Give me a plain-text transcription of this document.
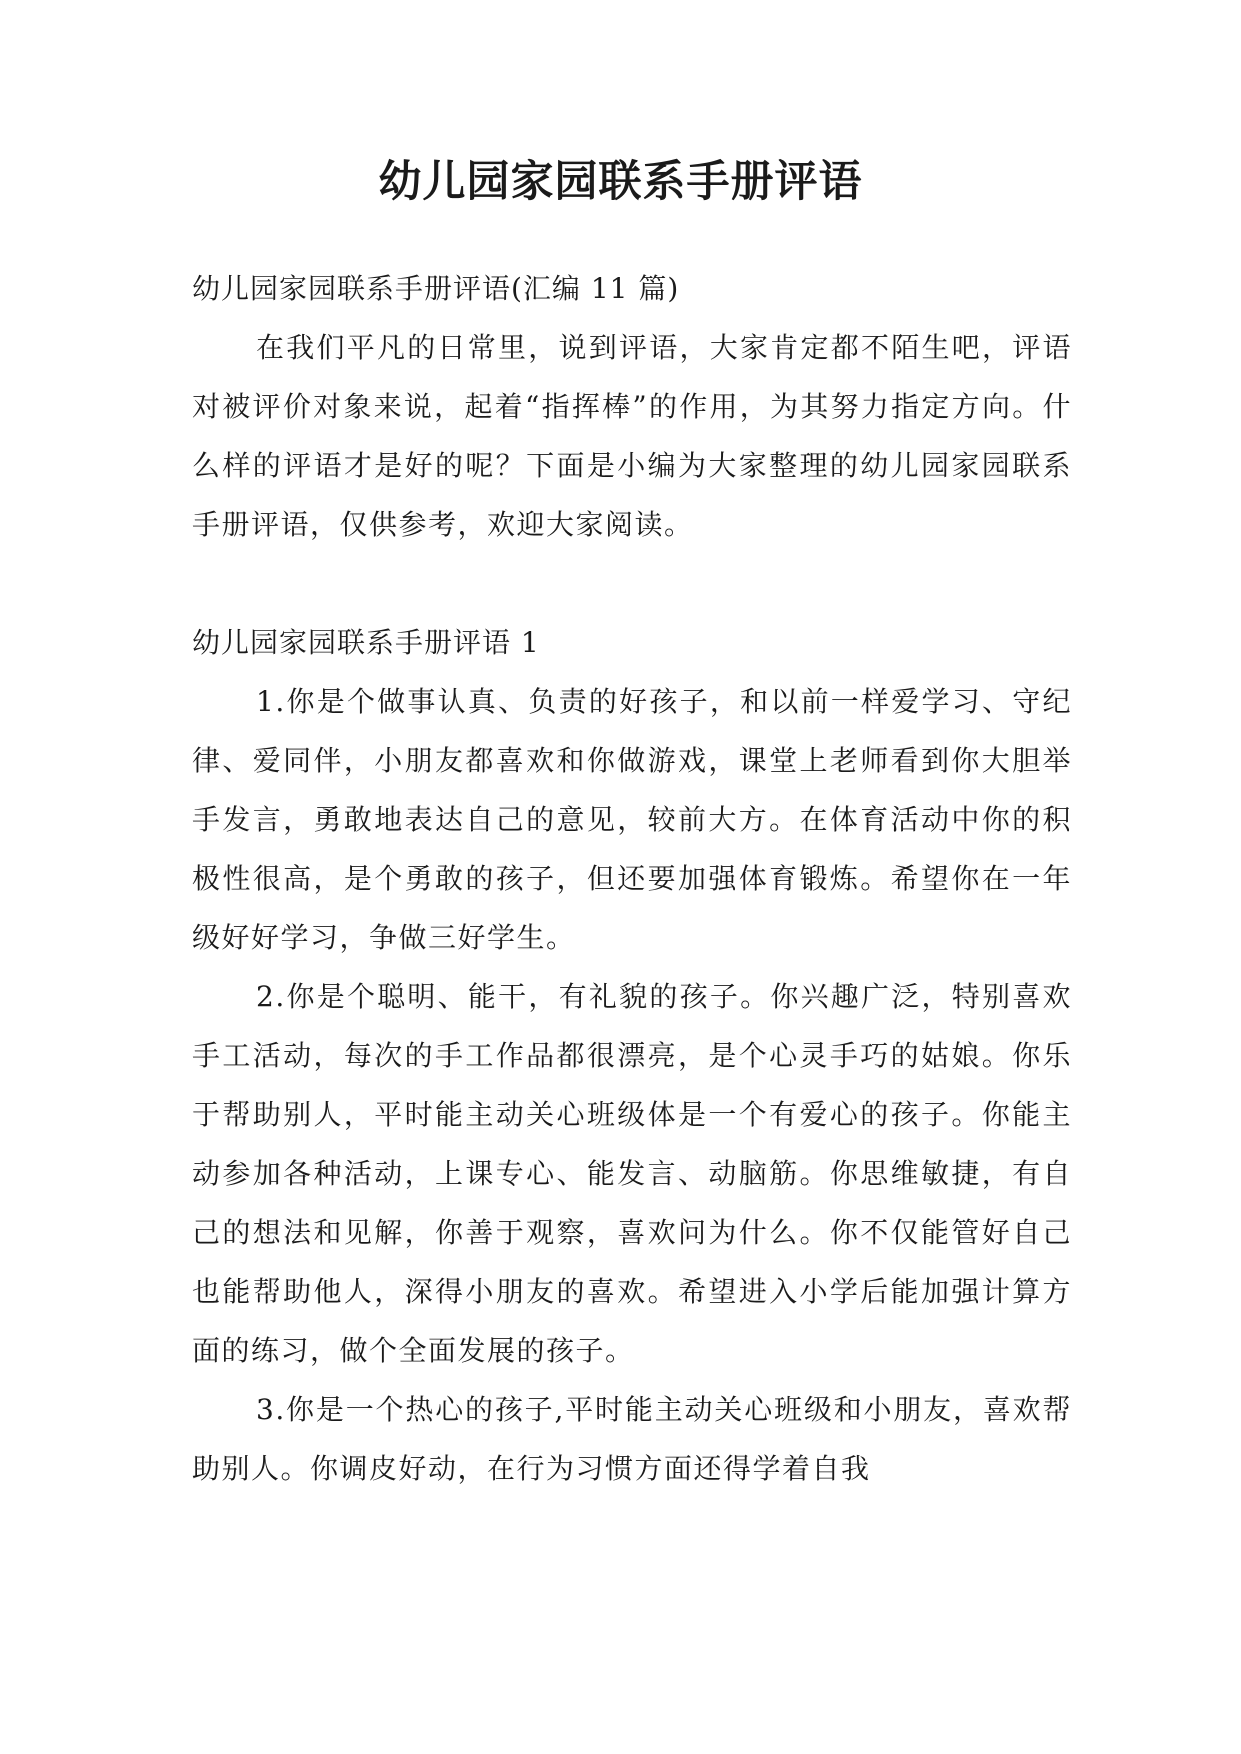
幼儿园家园联系手册评语

幼儿园家园联系手册评语(汇编 11 篇)

在我们平凡的日常里，说到评语，大家肯定都不陌生吧，评语对被评价对象来说，起着“指挥棒”的作用，为其努力指定方向。什么样的评语才是好的呢？下面是小编为大家整理的幼儿园家园联系手册评语，仅供参考，欢迎大家阅读。

幼儿园家园联系手册评语 1

1.你是个做事认真、负责的好孩子，和以前一样爱学习、守纪律、爱同伴，小朋友都喜欢和你做游戏，课堂上老师看到你大胆举手发言，勇敢地表达自己的意见，较前大方。在体育活动中你的积极性很高，是个勇敢的孩子，但还要加强体育锻炼。希望你在一年级好好学习，争做三好学生。

2.你是个聪明、能干，有礼貌的孩子。你兴趣广泛，特别喜欢手工活动，每次的手工作品都很漂亮，是个心灵手巧的姑娘。你乐于帮助别人，平时能主动关心班级体是一个有爱心的孩子。你能主动参加各种活动，上课专心、能发言、动脑筋。你思维敏捷，有自己的想法和见解，你善于观察，喜欢问为什么。你不仅能管好自己也能帮助他人，深得小朋友的喜欢。希望进入小学后能加强计算方面的练习，做个全面发展的孩子。

3.你是一个热心的孩子,平时能主动关心班级和小朋友，喜欢帮助别人。你调皮好动，在行为习惯方面还得学着自我
